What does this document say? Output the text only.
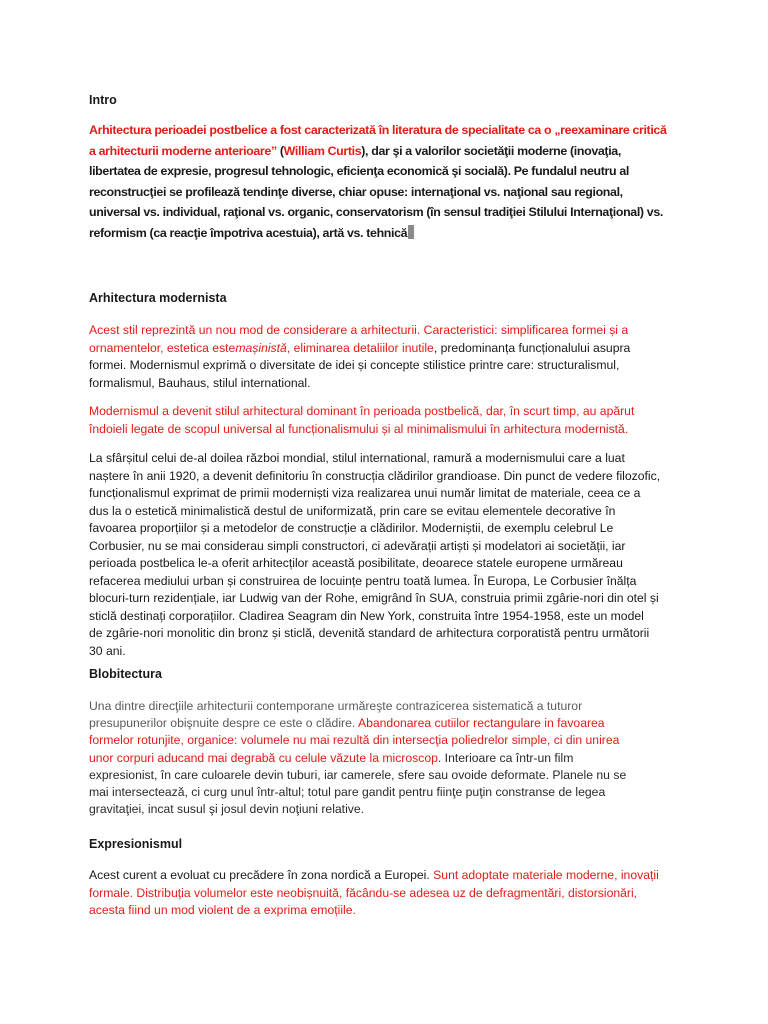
Intro
Arhitectura perioadei postbelice a fost caracterizată în literatura de specialitate ca o „reexaminare critică
a arhitecturii moderne anterioare” (William Curtis), dar şi a valorilor societăţii moderne (inovaţia,
libertatea de expresie, progresul tehnologic, eficienţa economică şi socială). Pe fundalul neutru al
reconstrucţiei se profilează tendinţe diverse, chiar opuse: internaţional vs. naţional sau regional,
universal vs. individual, raţional vs. organic, conservatorism (în sensul tradiţiei Stilului Internaţional) vs.
reformism (ca reacţie împotriva acestuia), artă vs. tehnică
Arhitectura modernista
Acest stil reprezintă un nou mod de considerare a arhitecturii. Caracteristici: simplificarea formei și a
ornamentelor, estetica estemașinistă, eliminarea detaliilor inutile, predominanța funcționalului asupra
formei. Modernismul exprimă o diversitate de idei și concepte stilistice printre care: structuralismul,
formalismul, Bauhaus, stilul international.
Modernismul a devenit stilul arhitectural dominant în perioada postbelică, dar, în scurt timp, au apărut
îndoieli legate de scopul universal al funcționalismului și al minimalismului în arhitectura modernistă.
La sfârșitul celui de-al doilea război mondial, stilul international, ramură a modernismului care a luat
naștere în anii 1920, a devenit definitoriu în construcția clădirilor grandioase. Din punct de vedere filozofic,
funcționalismul exprimat de primii moderniști viza realizarea unui număr limitat de materiale, ceea ce a
dus la o estetică minimalistică destul de uniformizată, prin care se evitau elementele decorative în
favoarea proporțiilor și a metodelor de construcție a clădirilor. Moderniștii, de exemplu celebrul Le
Corbusier, nu se mai considerau simpli constructori, ci adevărații artiști și modelatori ai societății, iar
perioada postbelica le-a oferit arhitecților această posibilitate, deoarece statele europene urmăreau
refacerea mediului urban și construirea de locuințe pentru toată lumea. În Europa, Le Corbusier înălța
blocuri-turn rezidențiale, iar Ludwig van der Rohe, emigrând în SUA, construia primii zgârie-nori din otel și
sticlă destinați corporațiilor. Cladirea Seagram din New York, construita între 1954-1958, este un model
de zgârie-nori monolitic din bronz și sticlă, devenită standard de arhitectura corporatistă pentru următorii
30 ani.
Blobitectura
Una dintre direcţiile arhitecturii contemporane urmăreşte contrazicerea sistematică a tuturor
presupunerilor obişnuite despre ce este o clădire. Abandonarea cutiilor rectangulare in favoarea
formelor rotunjite, organice: volumele nu mai rezultă din intersecţia poliedrelor simple, ci din unirea
unor corpuri aducand mai degrabă cu celule văzute la microscop. Interioare ca într-un film
expresionist, în care culoarele devin tuburi, iar camerele, sfere sau ovoide deformate. Planele nu se
mai intersectează, ci curg unul într-altul; totul pare gandit pentru fiinţe puţin constranse de legea
gravitaţiei, incat susul şi josul devin noţiuni relative.
Expresionismul
Acest curent a evoluat cu precădere în zona nordică a Europei. Sunt adoptate materiale moderne, inovații
formale. Distribuția volumelor este neobișnuită, făcându-se adesea uz de defragmentări, distorsionări,
acesta fiind un mod violent de a exprima emoțiile.
